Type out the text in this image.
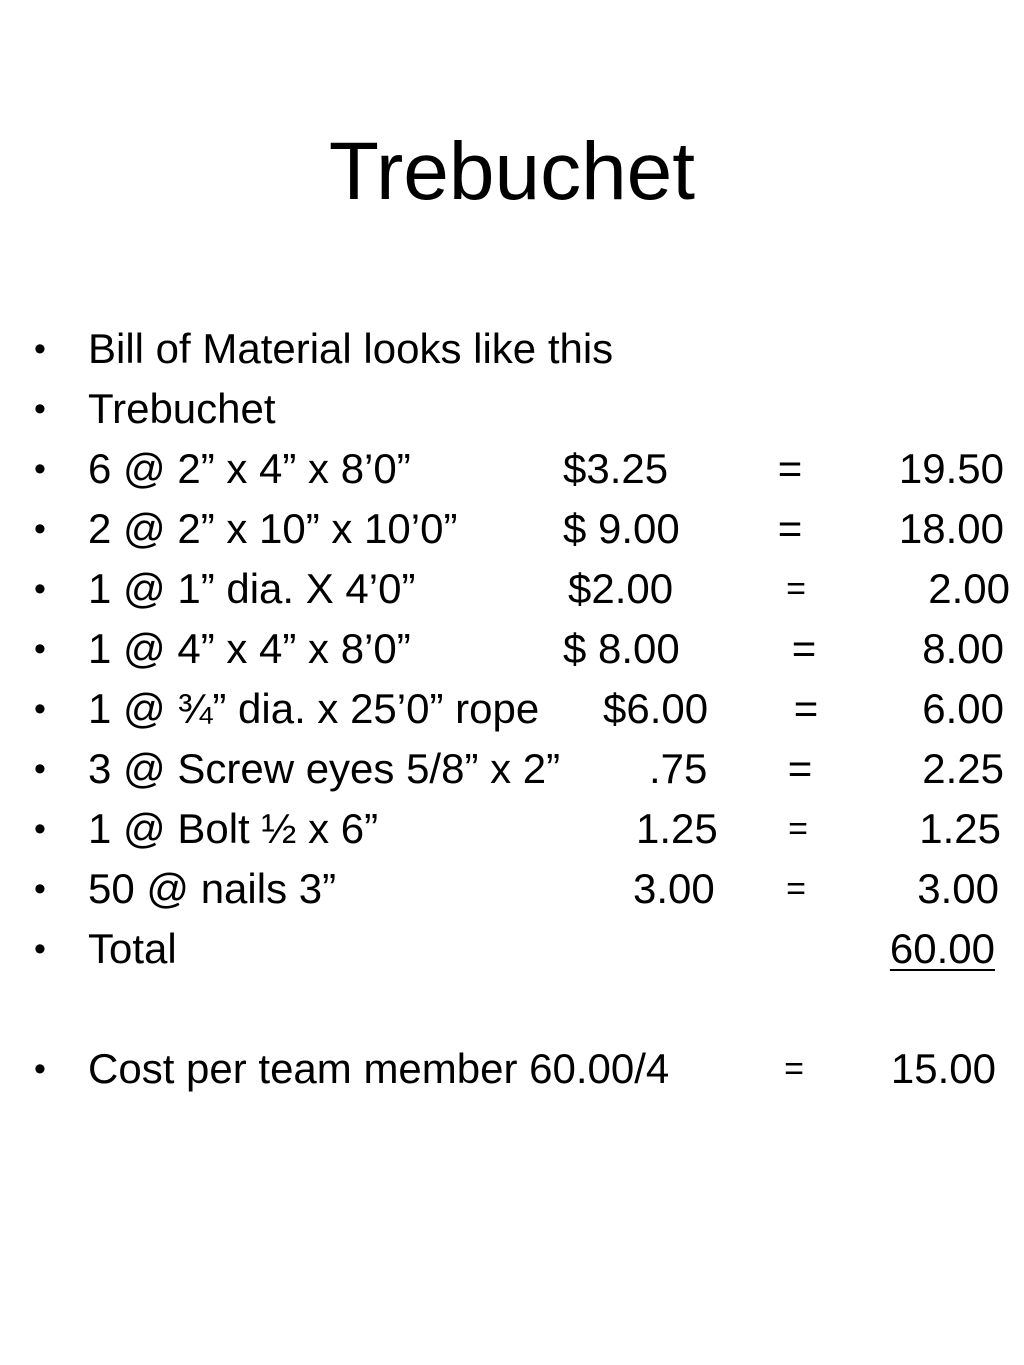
Trebuchet
• Bill of Material looks like this
• Trebuchet
• 6 @ 2” x 4” x 8’0”	$3.25	= 19.50
• 2 @ 2” x 10” x 10’0”	$ 9.00 = 18.00
• 1 @ 1” dia. X 4’0”	$2.00	=	2.00
• 1 @ 4” x 4” x 8’0”	$ 8.00	=	8.00
• 1 @ ¾” dia. x 25’0” rope $6.00 = 6.00
• 3 @ Screw eyes 5/8” x 2” .75 =	2.25
• 1 @ Bolt ½ x 6”	1.25 =	1.25
• 50 @ nails 3”	3.00 =	3.00
• Total	60.00
• Cost per team member 60.00/4	= 15.00
